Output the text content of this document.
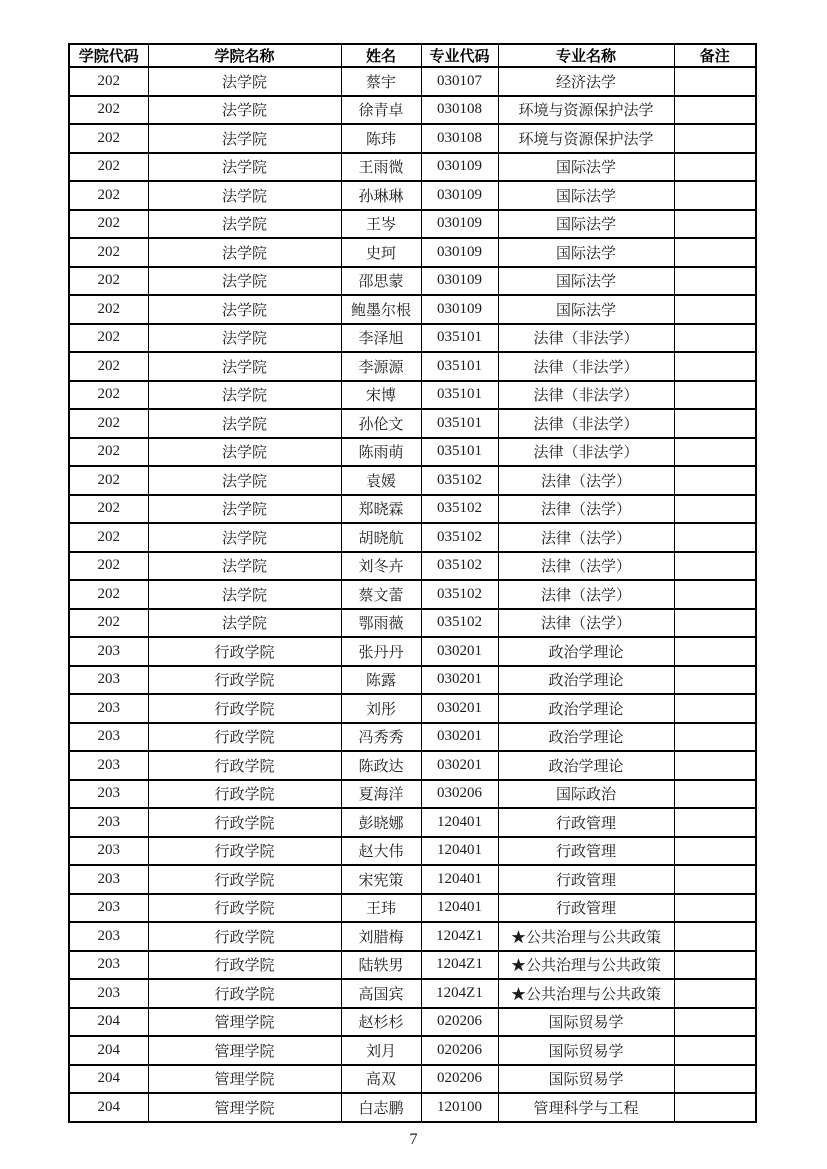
学院代码	学院名称	姓名	专业代码	专业名称	备注
202	法学院	蔡宇	030107	经济法学	
202	法学院	徐青卓	030108	环境与资源保护法学	
202	法学院	陈玮	030108	环境与资源保护法学	
202	法学院	王雨微	030109	国际法学	
202	法学院	孙琳琳	030109	国际法学	
202	法学院	王岑	030109	国际法学	
202	法学院	史珂	030109	国际法学	
202	法学院	邵思蒙	030109	国际法学	
202	法学院	鲍墨尔根	030109	国际法学	
202	法学院	李泽旭	035101	法律（非法学）	
202	法学院	李源源	035101	法律（非法学）	
202	法学院	宋博	035101	法律（非法学）	
202	法学院	孙伦文	035101	法律（非法学）	
202	法学院	陈雨萌	035101	法律（非法学）	
202	法学院	袁媛	035102	法律（法学）	
202	法学院	郑晓霖	035102	法律（法学）	
202	法学院	胡晓航	035102	法律（法学）	
202	法学院	刘冬卉	035102	法律（法学）	
202	法学院	蔡文蕾	035102	法律（法学）	
202	法学院	鄂雨薇	035102	法律（法学）	
203	行政学院	张丹丹	030201	政治学理论	
203	行政学院	陈露	030201	政治学理论	
203	行政学院	刘彤	030201	政治学理论	
203	行政学院	冯秀秀	030201	政治学理论	
203	行政学院	陈政达	030201	政治学理论	
203	行政学院	夏海洋	030206	国际政治	
203	行政学院	彭晓娜	120401	行政管理	
203	行政学院	赵大伟	120401	行政管理	
203	行政学院	宋宪策	120401	行政管理	
203	行政学院	王玮	120401	行政管理	
203	行政学院	刘腊梅	1204Z1	★公共治理与公共政策	
203	行政学院	陆轶男	1204Z1	★公共治理与公共政策	
203	行政学院	高国宾	1204Z1	★公共治理与公共政策	
204	管理学院	赵杉杉	020206	国际贸易学	
204	管理学院	刘月	020206	国际贸易学	
204	管理学院	高双	020206	国际贸易学	
204	管理学院	白志鹏	120100	管理科学与工程	
7
